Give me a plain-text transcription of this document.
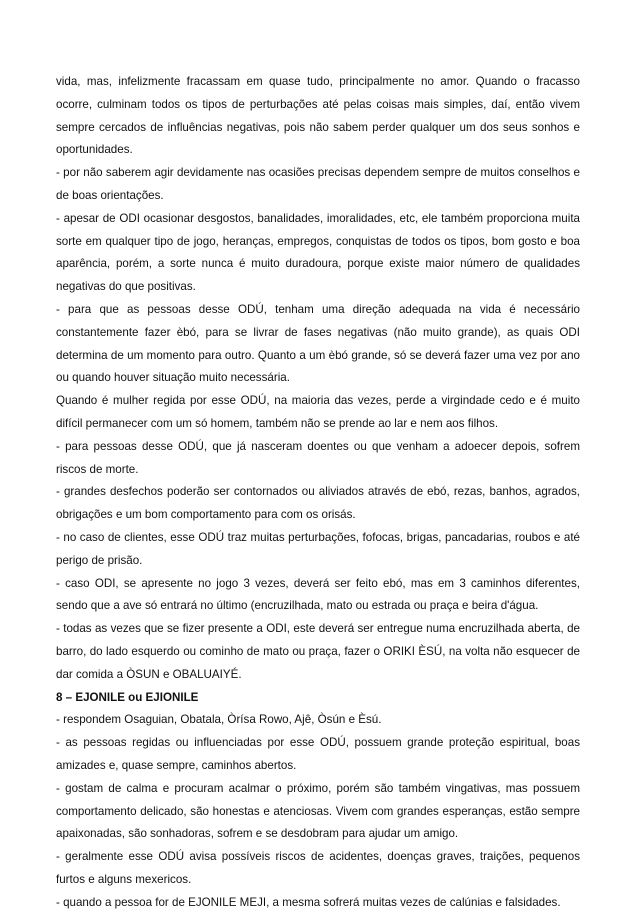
vida, mas, infelizmente fracassam em quase tudo, principalmente no amor. Quando o fracasso ocorre, culminam todos os tipos de perturbações até pelas coisas mais simples, daí, então vivem sempre cercados de influências negativas, pois não sabem perder qualquer um dos seus sonhos e oportunidades.

- por não saberem agir devidamente nas ocasiões precisas dependem sempre de muitos conselhos e de boas orientações.

- apesar de ODI ocasionar desgostos, banalidades, imoralidades, etc, ele também proporciona muita sorte em qualquer tipo de jogo, heranças, empregos, conquistas de todos os tipos, bom gosto e boa aparência, porém, a sorte nunca é muito duradoura, porque existe maior número de qualidades negativas do que positivas.

- para que as pessoas desse ODÚ, tenham uma direção adequada na vida é necessário constantemente fazer èbó, para se livrar de fases negativas (não muito grande), as quais ODI determina de um momento para outro. Quanto a um èbó grande, só se deverá fazer uma vez por ano ou quando houver situação muito necessária.

Quando é mulher regida por esse ODÚ, na maioria das vezes, perde a virgindade cedo e é muito difícil permanecer com um só homem, também não se prende ao lar e nem aos filhos.

- para pessoas desse ODÚ, que já nasceram doentes ou que venham a adoecer depois, sofrem riscos de morte.

- grandes desfechos poderão ser contornados ou aliviados através de ebó, rezas, banhos, agrados, obrigações e um bom comportamento para com os orisás.

- no caso de clientes, esse ODÚ traz muitas perturbações, fofocas, brigas, pancadarias, roubos e até perigo de prisão.

- caso ODI, se apresente no jogo 3 vezes, deverá ser feito ebó, mas em 3 caminhos diferentes, sendo que a ave só entrará no último (encruzilhada, mato ou estrada ou praça e beira d'água.

- todas as vezes que se fizer presente a ODI, este deverá ser entregue numa encruzilhada aberta, de barro, do lado esquerdo ou cominho de mato ou praça, fazer o ORIKI ÈSÚ, na volta não esquecer de dar comida a ÒSUN e OBALUAIYÉ.

8 – EJONILE ou EJIONILE

- respondem Osaguian, Obatala, Òrísa Rowo, Ajê, Òsún e Èsú.

- as pessoas regidas ou influenciadas por esse ODÚ, possuem grande proteção espiritual, boas amizades e, quase sempre, caminhos abertos.

- gostam de calma e procuram acalmar o próximo, porém são também vingativas, mas possuem comportamento delicado, são honestas e atenciosas. Vivem com grandes esperanças, estão sempre apaixonadas, são sonhadoras, sofrem e se desdobram para ajudar um amigo.

- geralmente esse ODÚ avisa possíveis riscos de acidentes, doenças graves, traições, pequenos furtos e alguns mexericos.

- quando a pessoa for de EJONILE MEJI, a mesma sofrerá muitas vezes de calúnias e falsidades.
